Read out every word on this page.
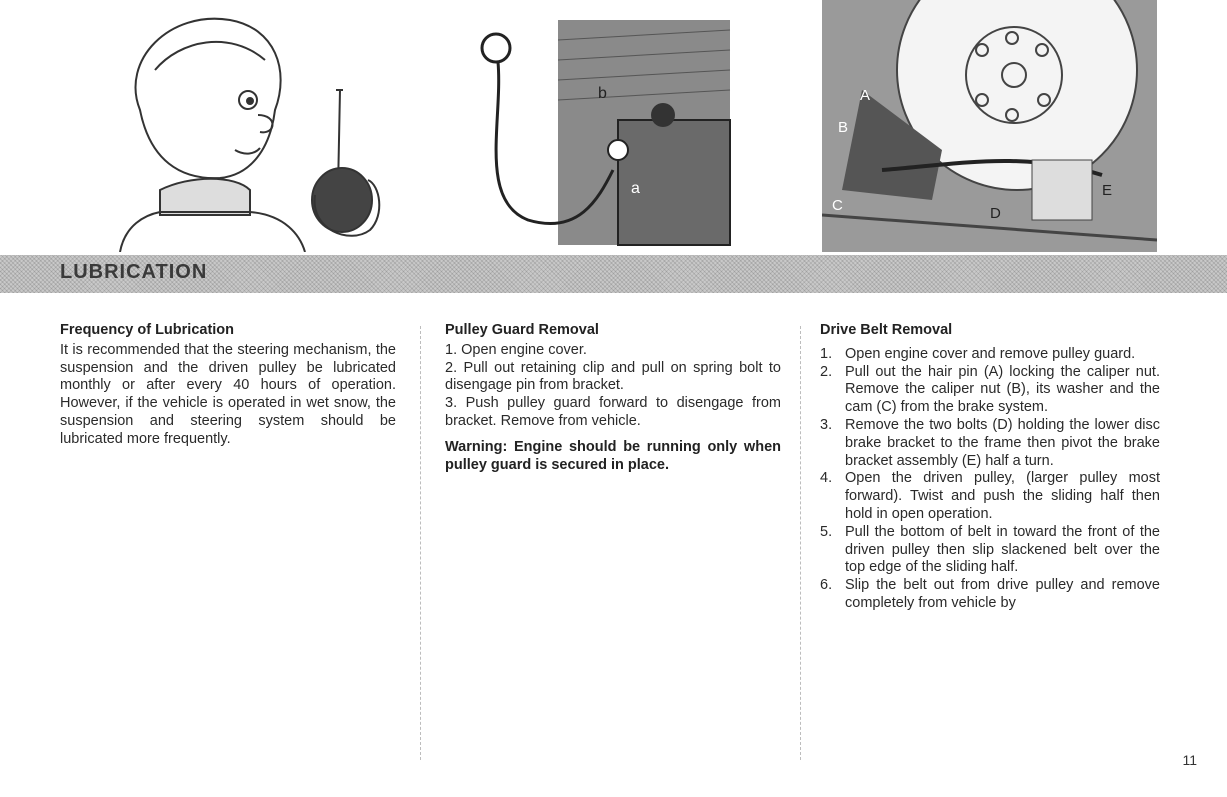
b
a
A
B
C	D
E
LUBRICATION
Frequency of Lubrication

It is recommended that the steering mechanism, the suspension and the driven pulley be lubricated monthly or after every 40 hours of operation. However, if the vehicle is operated in wet snow, the suspension and steering system should be lubricated more frequently.

Pulley Guard Removal
1. Open engine cover.
2. Pull out retaining clip and pull on spring bolt to disengage pin from bracket.
3. Push pulley guard forward to disengage from bracket. Remove from vehicle.
Warning: Engine should be running only when pulley guard is secured in place.
Drive Belt Removal
1. Open engine cover and remove pulley guard.
2. Pull out the hair pin (A) locking the caliper nut. Remove the caliper nut (B), its washer and the cam (C) from the brake system.
3. Remove the two bolts (D) holding the lower disc brake bracket to the frame then pivot the brake bracket assembly (E) half a turn.
4. Open the driven pulley, (larger pulley most forward). Twist and push the sliding half then hold in open operation.
5. Pull the bottom of belt in toward the front of the driven pulley then slip slackened belt over the top edge of the sliding half.
6. Slip the belt out from drive pulley and remove completely from vehicle by
11
